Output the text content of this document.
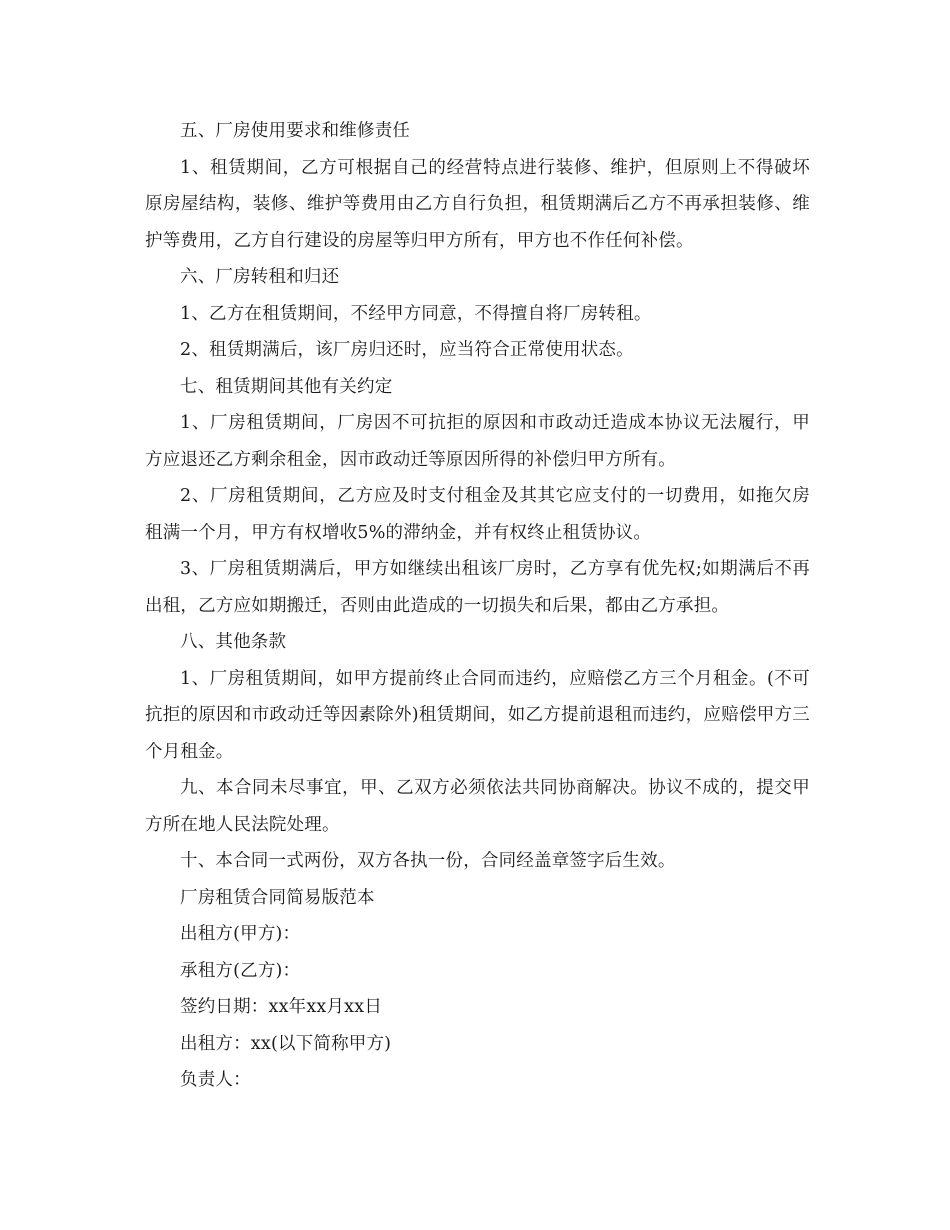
五、厂房使用要求和维修责任

1、租赁期间，乙方可根据自己的经营特点进行装修、维护，但原则上不得破坏原房屋结构，装修、维护等费用由乙方自行负担，租赁期满后乙方不再承担装修、维护等费用，乙方自行建设的房屋等归甲方所有，甲方也不作任何补偿。

六、厂房转租和归还

1、乙方在租赁期间，不经甲方同意，不得擅自将厂房转租。

2、租赁期满后，该厂房归还时，应当符合正常使用状态。

七、租赁期间其他有关约定

1、厂房租赁期间，厂房因不可抗拒的原因和市政动迁造成本协议无法履行，甲方应退还乙方剩余租金，因市政动迁等原因所得的补偿归甲方所有。

2、厂房租赁期间，乙方应及时支付租金及其其它应支付的一切费用，如拖欠房租满一个月，甲方有权增收5%的滞纳金，并有权终止租赁协议。

3、厂房租赁期满后，甲方如继续出租该厂房时，乙方享有优先权;如期满后不再出租，乙方应如期搬迁，否则由此造成的一切损失和后果，都由乙方承担。

八、其他条款

1、厂房租赁期间，如甲方提前终止合同而违约，应赔偿乙方三个月租金。(不可抗拒的原因和市政动迁等因素除外)租赁期间，如乙方提前退租而违约，应赔偿甲方三个月租金。

九、本合同未尽事宜，甲、乙双方必须依法共同协商解决。协议不成的，提交甲方所在地人民法院处理。

十、本合同一式两份，双方各执一份，合同经盖章签字后生效。

厂房租赁合同简易版范本

出租方(甲方)：

承租方(乙方)：

签约日期：xx年xx月xx日

出租方：xx(以下简称甲方)

负责人：
